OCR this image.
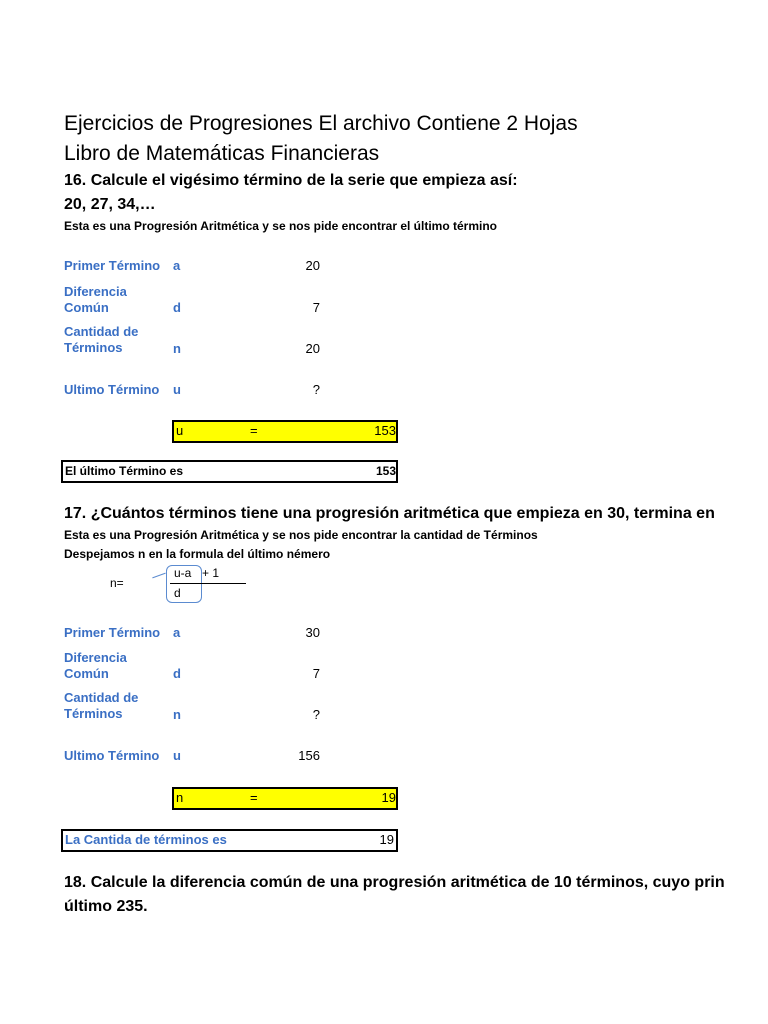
Ejercicios de Progresiones El archivo Contiene 2 Hojas
Libro de Matemáticas Financieras
16. Calcule el vigésimo término de la serie que empieza así:
20, 27, 34,…
Esta es una Progresión Aritmética y se nos pide encontrar el último término
Primer Término a	20
Diferencia Común	d	7
Cantidad de Términos	n	20
Ultimo Término u	?
u	=	153
El último Término es	153
17. ¿Cuántos términos tiene una progresión aritmética que empieza en 30, termina en
Esta es una Progresión Aritmética y se nos pide encontrar la cantidad de Términos
Despejamos n en la formula del último némero
n=
u-a + 1
d
Primer Término a	30
Diferencia Común	d	7
Cantidad de Términos	n	?
Ultimo Término u	156
n	=	19
La Cantida de términos es	19
18. Calcule la diferencia común de una progresión aritmética de 10 términos, cuyo prin
último 235.
